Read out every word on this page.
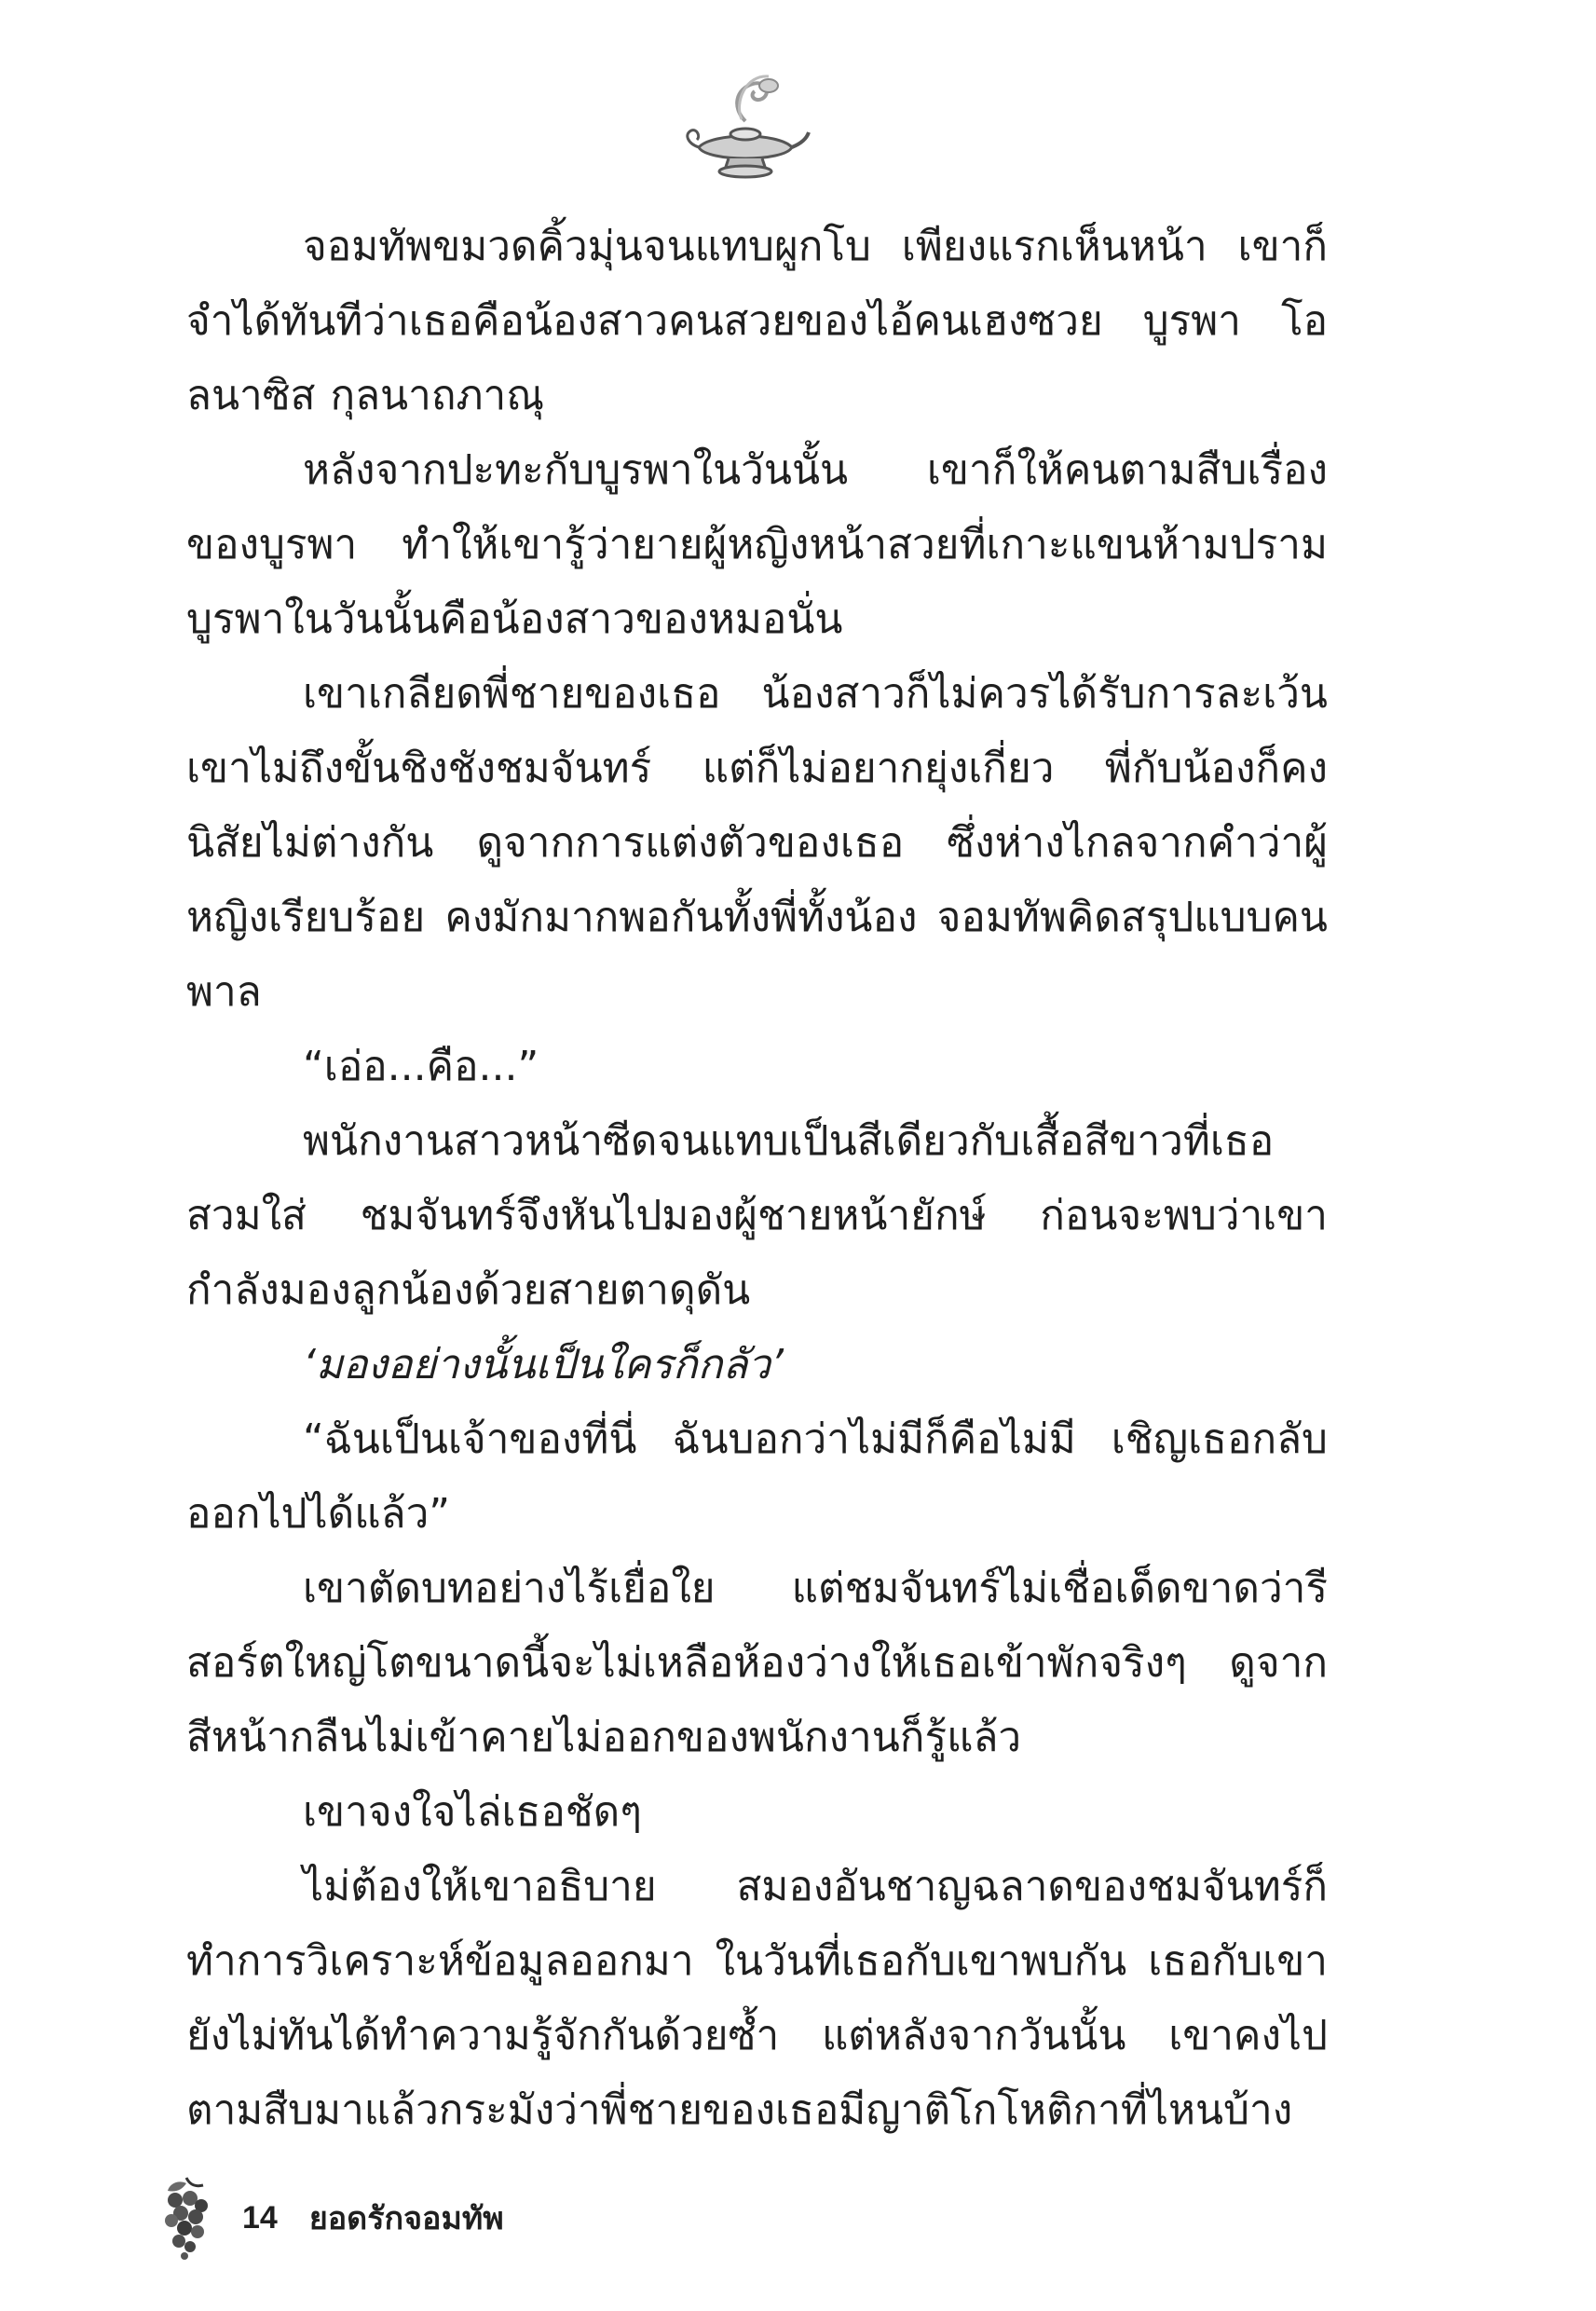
จอมทัพขมวดคิ้วมุ่นจนแทบผูกโบ เพียงแรกเห็นหน้า เขาก็จำได้ทันทีว่าเธอคือน้องสาวคนสวยของไอ้คนเฮงซวย บูรพา โอลนาซิส กุลนาถภาณุ

หลังจากปะทะกับบูรพาในวันนั้น เขาก็ให้คนตามสืบเรื่องของบูรพา ทำให้เขารู้ว่ายายผู้หญิงหน้าสวยที่เกาะแขนห้ามปรามบูรพาในวันนั้นคือน้องสาวของหมอนั่น

เขาเกลียดพี่ชายของเธอ น้องสาวก็ไม่ควรได้รับการละเว้น เขาไม่ถึงขั้นชิงชังชมจันทร์ แต่ก็ไม่อยากยุ่งเกี่ยว พี่กับน้องก็คงนิสัยไม่ต่างกัน ดูจากการแต่งตัวของเธอ ซึ่งห่างไกลจากคำว่าผู้หญิงเรียบร้อย คงมักมากพอกันทั้งพี่ทั้งน้อง จอมทัพคิดสรุปแบบคนพาล

“เอ่อ...คือ...”

พนักงานสาวหน้าซีดจนแทบเป็นสีเดียวกับเสื้อสีขาวที่เธอสวมใส่ ชมจันทร์จึงหันไปมองผู้ชายหน้ายักษ์ ก่อนจะพบว่าเขากำลังมองลูกน้องด้วยสายตาดุดัน

‘มองอย่างนั้นเป็นใครก็กลัว’

“ฉันเป็นเจ้าของที่นี่ ฉันบอกว่าไม่มีก็คือไม่มี เชิญเธอกลับออกไปได้แล้ว”

เขาตัดบทอย่างไร้เยื่อใย แต่ชมจันทร์ไม่เชื่อเด็ดขาดว่ารีสอร์ตใหญ่โตขนาดนี้จะไม่เหลือห้องว่างให้เธอเข้าพักจริงๆ ดูจากสีหน้ากลืนไม่เข้าคายไม่ออกของพนักงานก็รู้แล้ว

เขาจงใจไล่เธอชัดๆ

ไม่ต้องให้เขาอธิบาย สมองอันชาญฉลาดของชมจันทร์ก็ทำการวิเคราะห์ข้อมูลออกมา ในวันที่เธอกับเขาพบกัน เธอกับเขายังไม่ทันได้ทำความรู้จักกันด้วยซ้ำ แต่หลังจากวันนั้น เขาคงไปตามสืบมาแล้วกระมังว่าพี่ชายของเธอมีญาติโกโหติกาที่ไหนบ้าง

14 ยอดรักจอมทัพ
